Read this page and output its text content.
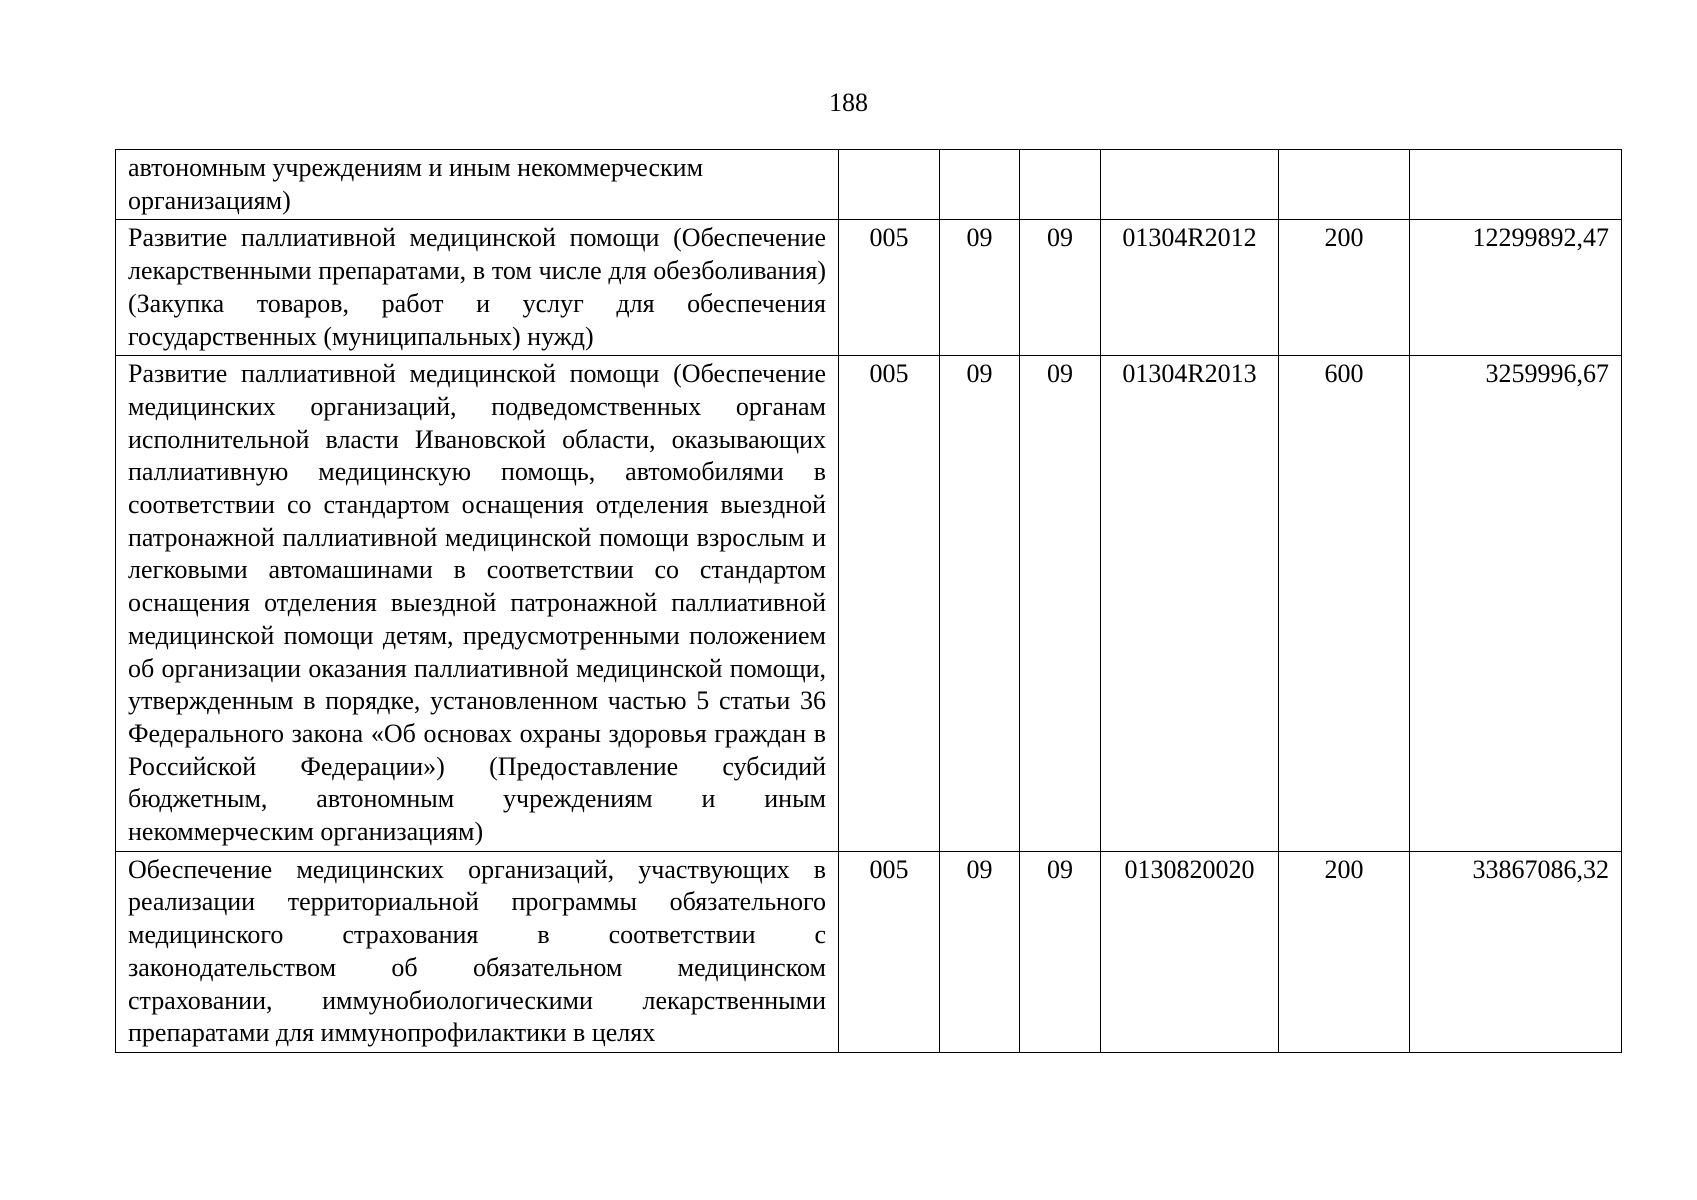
188
автономным учреждениям и иным некоммерческим
организациям)						
Развитие паллиативной медицинской помощи (Обеспечение лекарственными препаратами, в том числе для обезболивания) (Закупка товаров, работ и услуг для обеспечения государственных (муниципальных) нужд)	005	09	09	01304R2012	200	12299892,47
Развитие паллиативной медицинской помощи (Обеспечение медицинских организаций, подведомственных органам исполнительной власти Ивановской области, оказывающих паллиативную медицинскую помощь, автомобилями в соответствии со стандартом оснащения отделения выездной патронажной паллиативной медицинской помощи взрослым и легковыми автомашинами в соответствии со стандартом оснащения отделения выездной патронажной паллиативной медицинской помощи детям, предусмотренными положением об организации оказания паллиативной медицинской помощи, утвержденным в порядке, установленном частью 5 статьи 36 Федерального закона «Об основах охраны здоровья граждан в Российской Федерации») (Предоставление субсидий бюджетным, автономным учреждениям и иным некоммерческим организациям)	005	09	09	01304R2013	600	3259996,67
Обеспечение медицинских организаций, участвующих в реализации территориальной программы обязательного медицинского страхования в соответствии с законодательством об обязательном медицинском страховании, иммунобиологическими лекарственными препаратами для иммунопрофилактики в целях	005	09	09	0130820020	200	33867086,32
